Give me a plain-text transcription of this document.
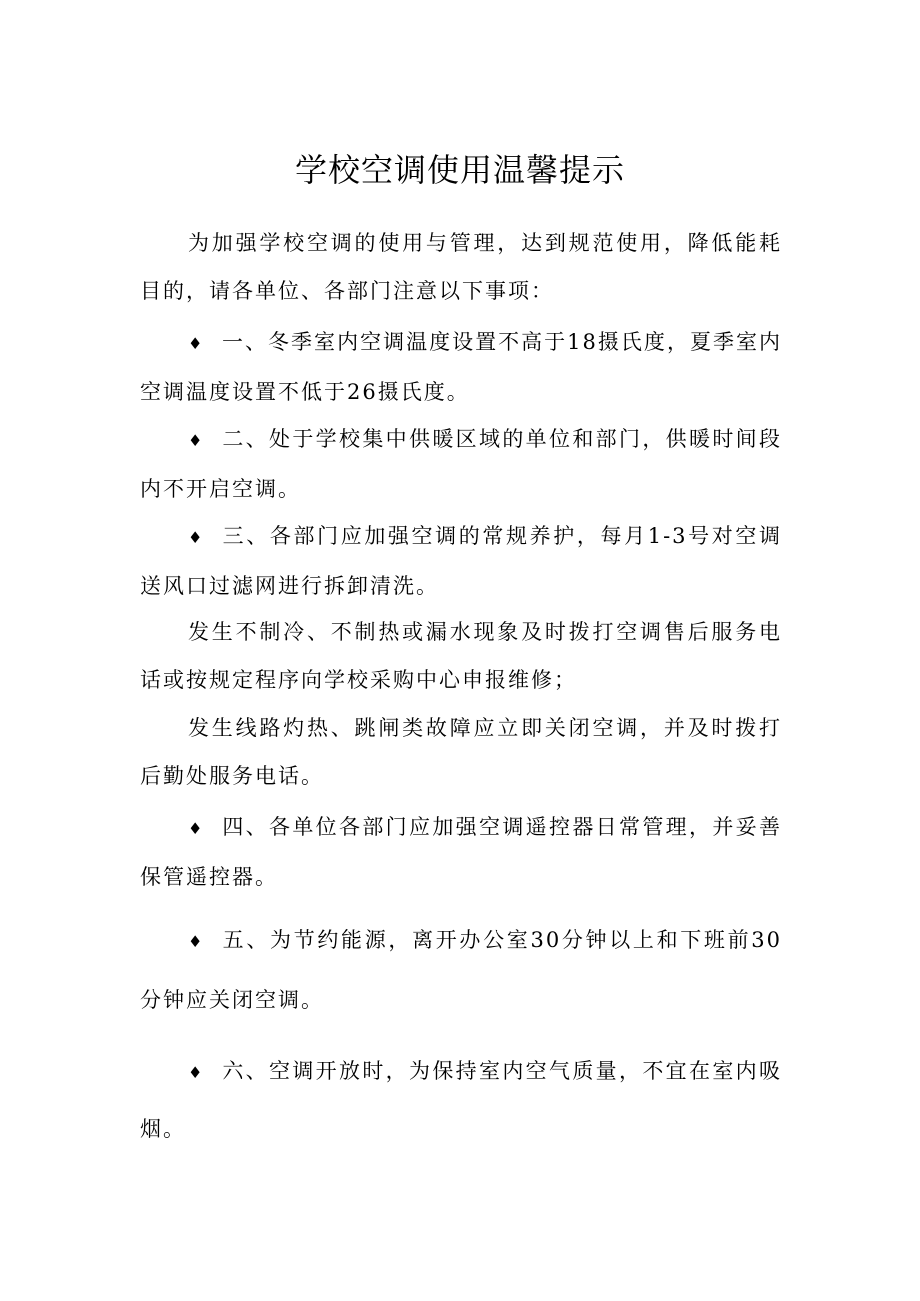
学校空调使用温馨提示

为加强学校空调的使用与管理，达到规范使用，降低能耗目的，请各单位、各部门注意以下事项：

♦ 一、冬季室内空调温度设置不高于18摄氏度，夏季室内空调温度设置不低于26摄氏度。

♦ 二、处于学校集中供暖区域的单位和部门，供暖时间段内不开启空调。

♦ 三、各部门应加强空调的常规养护，每月1-3号对空调送风口过滤网进行拆卸清洗。

发生不制冷、不制热或漏水现象及时拨打空调售后服务电话或按规定程序向学校采购中心申报维修；

发生线路灼热、跳闸类故障应立即关闭空调，并及时拨打后勤处服务电话。

♦ 四、各单位各部门应加强空调遥控器日常管理，并妥善保管遥控器。

♦ 五、为节约能源，离开办公室30分钟以上和下班前30分钟应关闭空调。

♦ 六、空调开放时，为保持室内空气质量，不宜在室内吸烟。
